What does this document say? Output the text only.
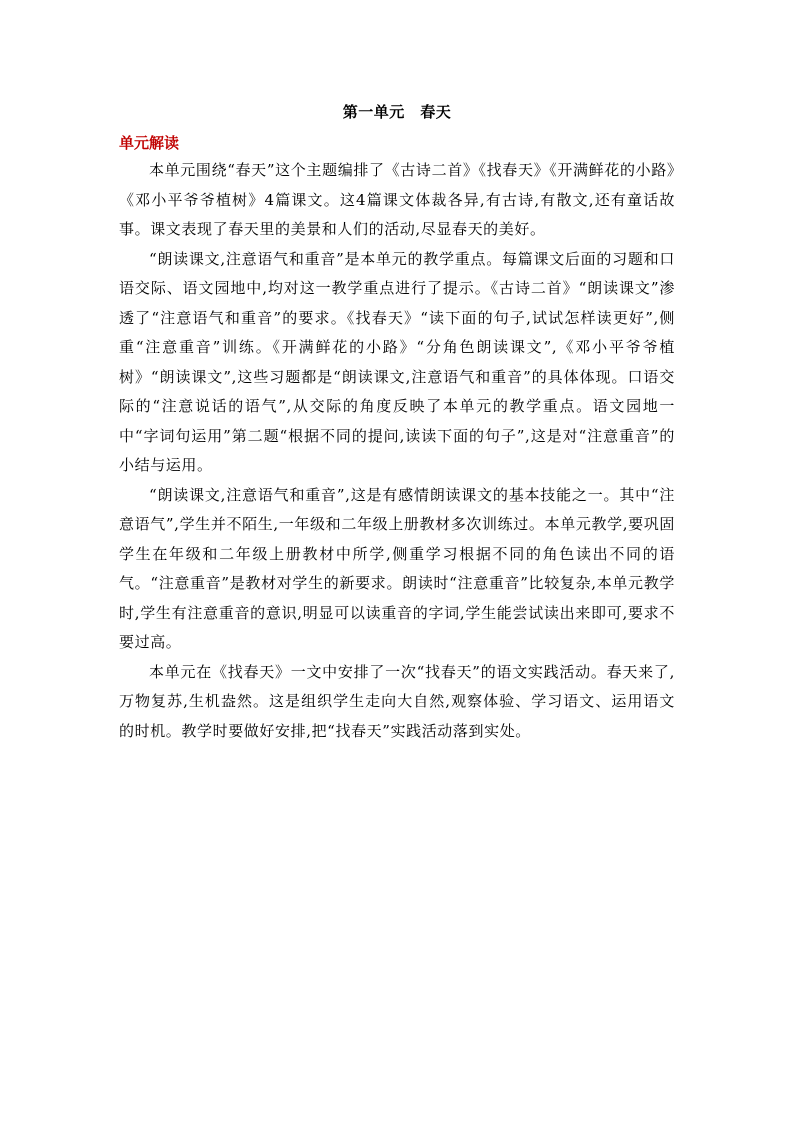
第一单元　春天
单元解读

本单元围绕“春天”这个主题编排了《古诗二首》《找春天》《开满鲜花的小路》《邓小平爷爷植树》4篇课文。这4篇课文体裁各异,有古诗,有散文,还有童话故事。课文表现了春天里的美景和人们的活动,尽显春天的美好。

“朗读课文,注意语气和重音”是本单元的教学重点。每篇课文后面的习题和口语交际、语文园地中,均对这一教学重点进行了提示。《古诗二首》“朗读课文”渗透了“注意语气和重音”的要求。《找春天》“读下面的句子,试试怎样读更好”,侧重“注意重音”训练。《开满鲜花的小路》“分角色朗读课文”,《邓小平爷爷植树》“朗读课文”,这些习题都是“朗读课文,注意语气和重音”的具体体现。口语交际的“注意说话的语气”,从交际的角度反映了本单元的教学重点。语文园地一中“字词句运用”第二题“根据不同的提问,读读下面的句子”,这是对“注意重音”的小结与运用。

“朗读课文,注意语气和重音”,这是有感情朗读课文的基本技能之一。其中“注意语气”,学生并不陌生,一年级和二年级上册教材多次训练过。本单元教学,要巩固学生在年级和二年级上册教材中所学,侧重学习根据不同的角色读出不同的语气。“注意重音”是教材对学生的新要求。朗读时“注意重音”比较复杂,本单元教学时,学生有注意重音的意识,明显可以读重音的字词,学生能尝试读出来即可,要求不要过高。

本单元在《找春天》一文中安排了一次“找春天”的语文实践活动。春天来了,万物复苏,生机盎然。这是组织学生走向大自然,观察体验、学习语文、运用语文的时机。教学时要做好安排,把“找春天”实践活动落到实处。
